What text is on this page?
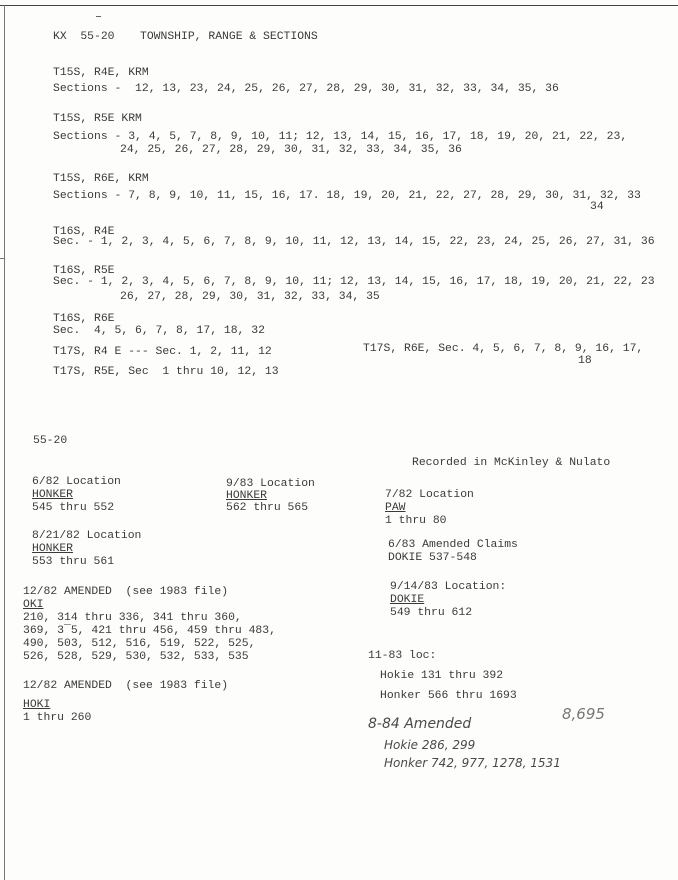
KX  55-20 TOWNSHIP, RANGE & SECTIONS
T15S, R4E, KRM
Sections -  12, 13, 23, 24, 25, 26, 27, 28, 29, 30, 31, 32, 33, 34, 35, 36
T15S, R5E KRM
Sections - 3, 4, 5, 7, 8, 9, 10, 11; 12, 13, 14, 15, 16, 17, 18, 19, 20, 21, 22, 23,
24, 25, 26, 27, 28, 29, 30, 31, 32, 33, 34, 35, 36
T15S, R6E, KRM
Sections - 7, 8, 9, 10, 11, 15, 16, 17. 18, 19, 20, 21, 22, 27, 28, 29, 30, 31, 32, 33
34
T16S, R4E
Sec. - 1, 2, 3, 4, 5, 6, 7, 8, 9, 10, 11, 12, 13, 14, 15, 22, 23, 24, 25, 26, 27, 31, 36
T16S, R5E
Sec. - 1, 2, 3, 4, 5, 6, 7, 8, 9, 10, 11; 12, 13, 14, 15, 16, 17, 18, 19, 20, 21, 22, 23
26, 27, 28, 29, 30, 31, 32, 33, 34, 35
T16S, R6E
Sec.  4, 5, 6, 7, 8, 17, 18, 32
T17S, R4 E --- Sec. 1, 2, 11, 12	T17S, R6E, Sec. 4, 5, 6, 7, 8, 9, 16, 17,
18
T17S, R5E, Sec  1 thru 10, 12, 13
55-20
Recorded in McKinley & Nulato
6/82 Location
HONKER
545 thru 552
8/21/82 Location
HONKER
553 thru 561
12/82 AMENDED  (see 1983 file)
OKI
210, 314 thru 336, 341 thru 360,
369, 3¯5, 421 thru 456, 459 thru 483,
490, 503, 512, 516, 519, 522, 525,
526, 528, 529, 530, 532, 533, 535
12/82 AMENDED  (see 1983 file)
HOKI
1 thru 260
9/83 Location
HONKER
562 thru 565
7/82 Location
PAW
1 thru 80
6/83 Amended Claims
DOKIE 537-548
9/14/83 Location:
DOKIE
549 thru 612
11-83 loc:
Hokie 131 thru 392
Honker 566 thru 1693
8-84 Amended
Hokie 286, 299
Honker 742, 977, 1278, 1531
8,695
